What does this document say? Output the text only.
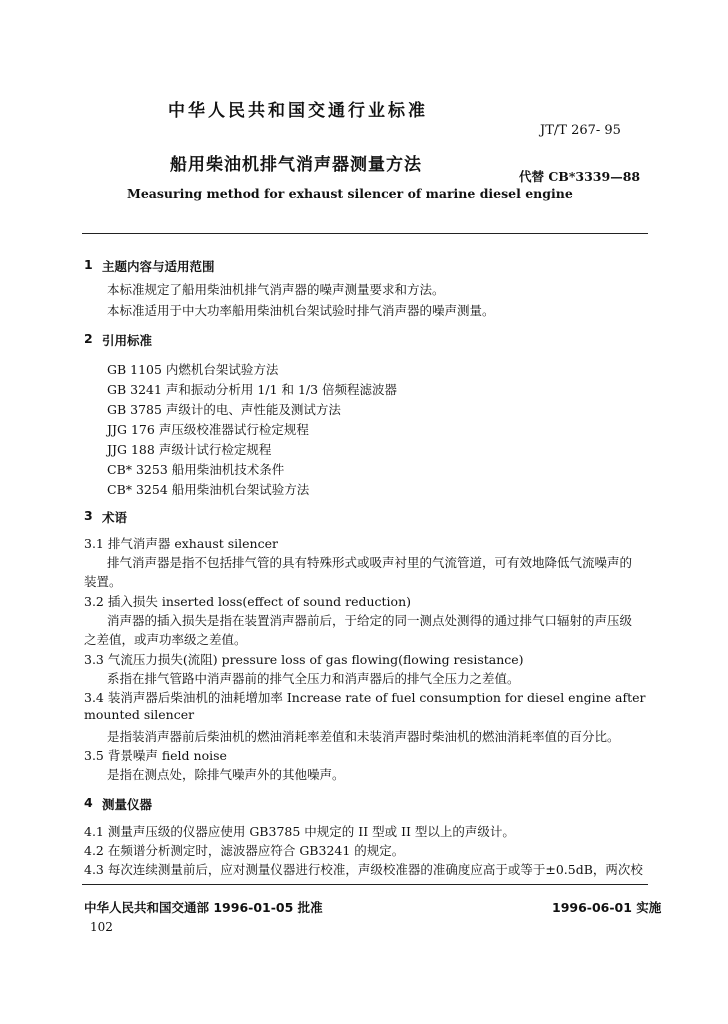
中华人民共和国交通行业标准
JT/T 267- 95
船用柴油机排气消声器测量方法
代替 CB*3339—88
Measuring method for exhaust silencer of marine diesel engine
1 主题内容与适用范围
本标准规定了船用柴油机排气消声器的噪声测量要求和方法。
本标准适用于中大功率船用柴油机台架试验时排气消声器的噪声测量。
2 引用标准
GB 1105 内燃机台架试验方法
GB 3241 声和振动分析用 1/1 和 1/3 倍频程滤波器
GB 3785 声级计的电、声性能及测试方法
JJG 176 声压级校准器试行检定规程
JJG 188 声级计试行检定规程
CB* 3253 船用柴油机技术条件
CB* 3254 船用柴油机台架试验方法
3 术语
3.1 排气消声器 exhaust silencer
排气消声器是指不包括排气管的具有特殊形式或吸声衬里的气流管道，可有效地降低气流噪声的
装置。
3.2 插入损失 inserted loss(effect of sound reduction)
消声器的插入损失是指在装置消声器前后，于给定的同一测点处测得的通过排气口辐射的声压级
之差值，或声功率级之差值。
3.3 气流压力损失(流阻) pressure loss of gas flowing(flowing resistance)
系指在排气管路中消声器前的排气全压力和消声器后的排气全压力之差值。
3.4 装消声器后柴油机的油耗增加率 Increase rate of fuel consumption for diesel engine after
mounted silencer
是指装消声器前后柴油机的燃油消耗率差值和未装消声器时柴油机的燃油消耗率值的百分比。
3.5 背景噪声 field noise
是指在测点处，除排气噪声外的其他噪声。
4 测量仪器
4.1 测量声压级的仪器应使用 GB3785 中规定的 II 型或 II 型以上的声级计。
4.2 在频谱分析测定时，滤波器应符合 GB3241 的规定。
4.3 每次连续测量前后，应对测量仪器进行校准，声级校准器的准确度应高于或等于±0.5dB，两次校
中华人民共和国交通部 1996-01-05 批准	1996-06-01 实施
102
